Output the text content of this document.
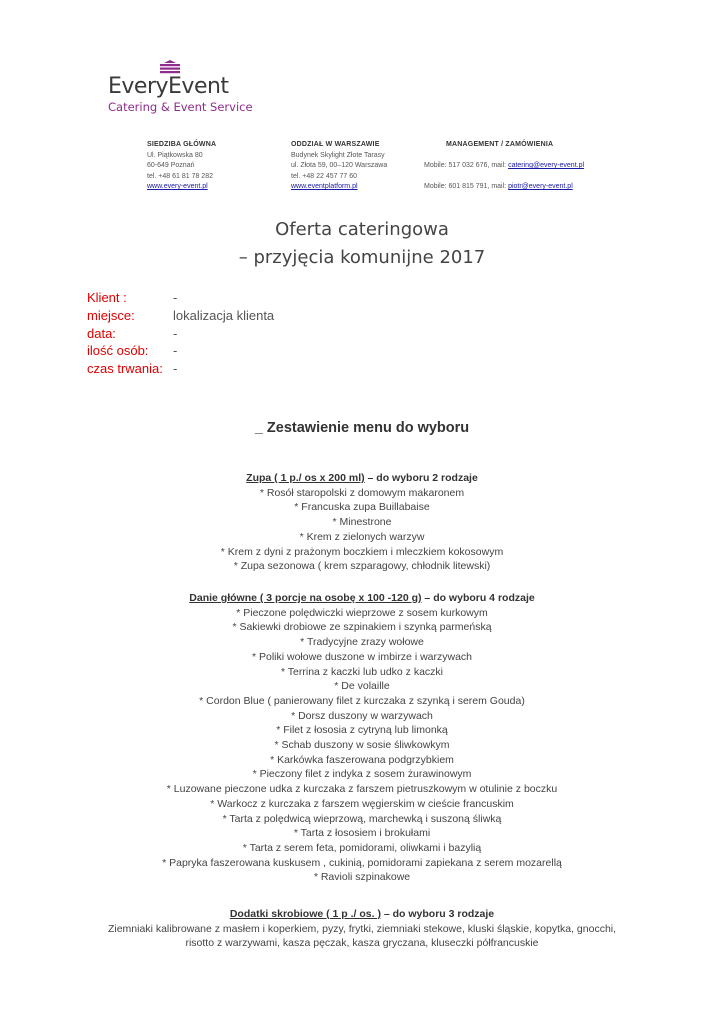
EveryEvent
Catering & Event Service
SIEDZIBA GŁÓWNA
Ul. Piątkowska 80
60-649 Poznań
tel. +48 61 81 78 282
www.every-event.pl
ODDZIAŁ W WARSZAWIE
Budynek Skylight Złote Tarasy
ul. Złota 59, 00–120 Warszawa
tel. +48 22 457 77 60
www.eventplatform.pl
MANAGEMENT / ZAMÓWIENIA
Mobile: 517 032 676, mail: catering@every-event.pl
Mobile: 601 815 791, mail: piotr@every-event.pl
Oferta cateringowa
– przyjęcia komunijne 2017
Klient :	-
miejsce:	lokalizacja klienta
data:	-
ilość osób:	-
czas trwania: -
_ Zestawienie menu do wyboru
Zupa ( 1 p./ os x 200 ml) – do wyboru 2 rodzaje
* Rosół staropolski z domowym makaronem
* Francuska zupa Buillabaise
* Minestrone
* Krem z zielonych warzyw
* Krem z dyni z prażonym boczkiem i mleczkiem kokosowym
* Zupa sezonowa ( krem szparagowy, chłodnik litewski)
Danie główne ( 3 porcje na osobę x 100 -120 g) – do wyboru 4 rodzaje
* Pieczone polędwiczki wieprzowe z sosem kurkowym
* Sakiewki drobiowe ze szpinakiem i szynką parmeńską
* Tradycyjne zrazy wołowe
* Poliki wołowe duszone w imbirze i warzywach
* Terrina z kaczki lub udko z kaczki
* De volaille
* Cordon Blue ( panierowany filet z kurczaka z szynką i serem Gouda)
* Dorsz duszony w warzywach
* Filet z łososia z cytryną lub limonką
* Schab duszony w sosie śliwkowkym
* Karkówka faszerowana podgrzybkiem
* Pieczony filet z indyka z sosem żurawinowym
* Luzowane pieczone udka z kurczaka z farszem pietruszkowym w otulinie z boczku
* Warkocz z kurczaka z farszem węgierskim w cieście francuskim
* Tarta z polędwicą wieprzową, marchewką i suszoną śliwką
* Tarta z łososiem i brokułami
* Tarta z serem feta, pomidorami, oliwkami i bazylią
* Papryka faszerowana kuskusem , cukinią, pomidorami zapiekana z serem mozarellą
* Ravioli szpinakowe
Dodatki skrobiowe ( 1 p ./ os. ) – do wyboru 3 rodzaje
Ziemniaki kalibrowane z masłem i koperkiem, pyzy, frytki, ziemniaki stekowe, kluski śląskie, kopytka, gnocchi,
risotto z warzywami, kasza pęczak, kasza gryczana, kluseczki półfrancuskie
